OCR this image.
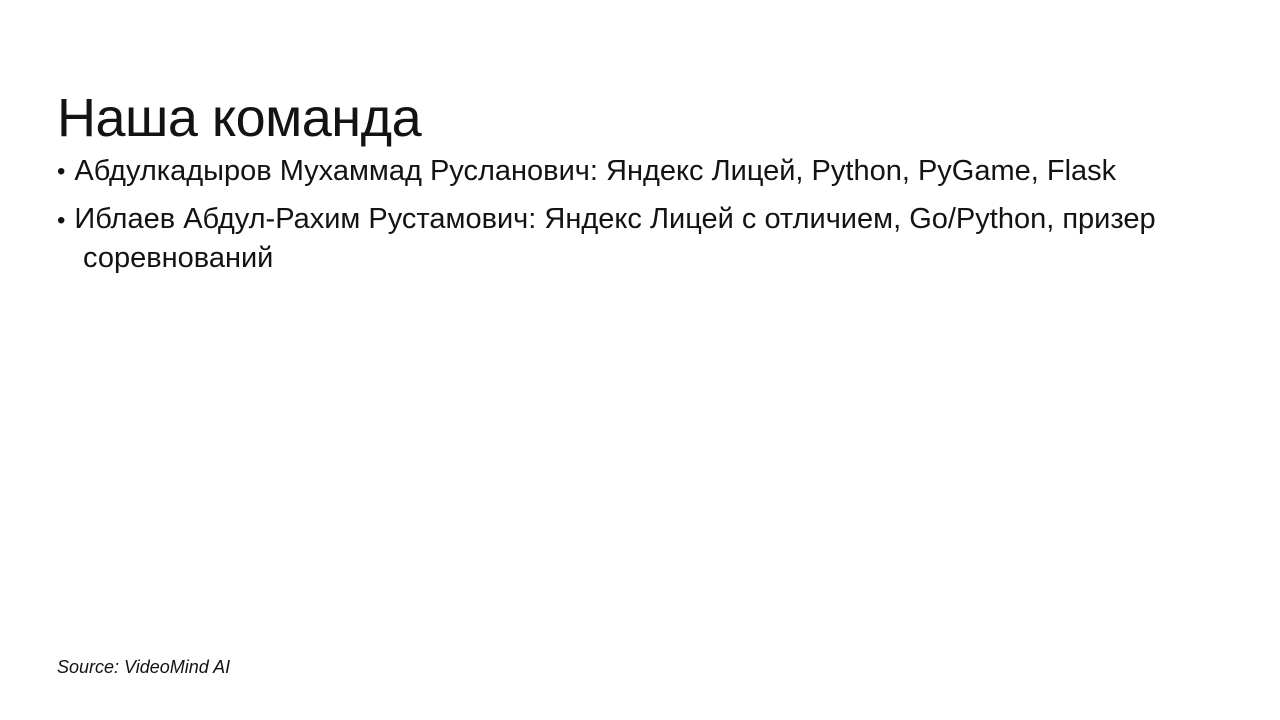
Наша команда
• Абдулкадыров Мухаммад Русланович: Яндекс Лицей, Python, PyGame, Flask
• Иблаев Абдул-Рахим Рустамович: Яндекс Лицей с отличием, Go/Python, призер соревнований
Source: VideoMind AI
